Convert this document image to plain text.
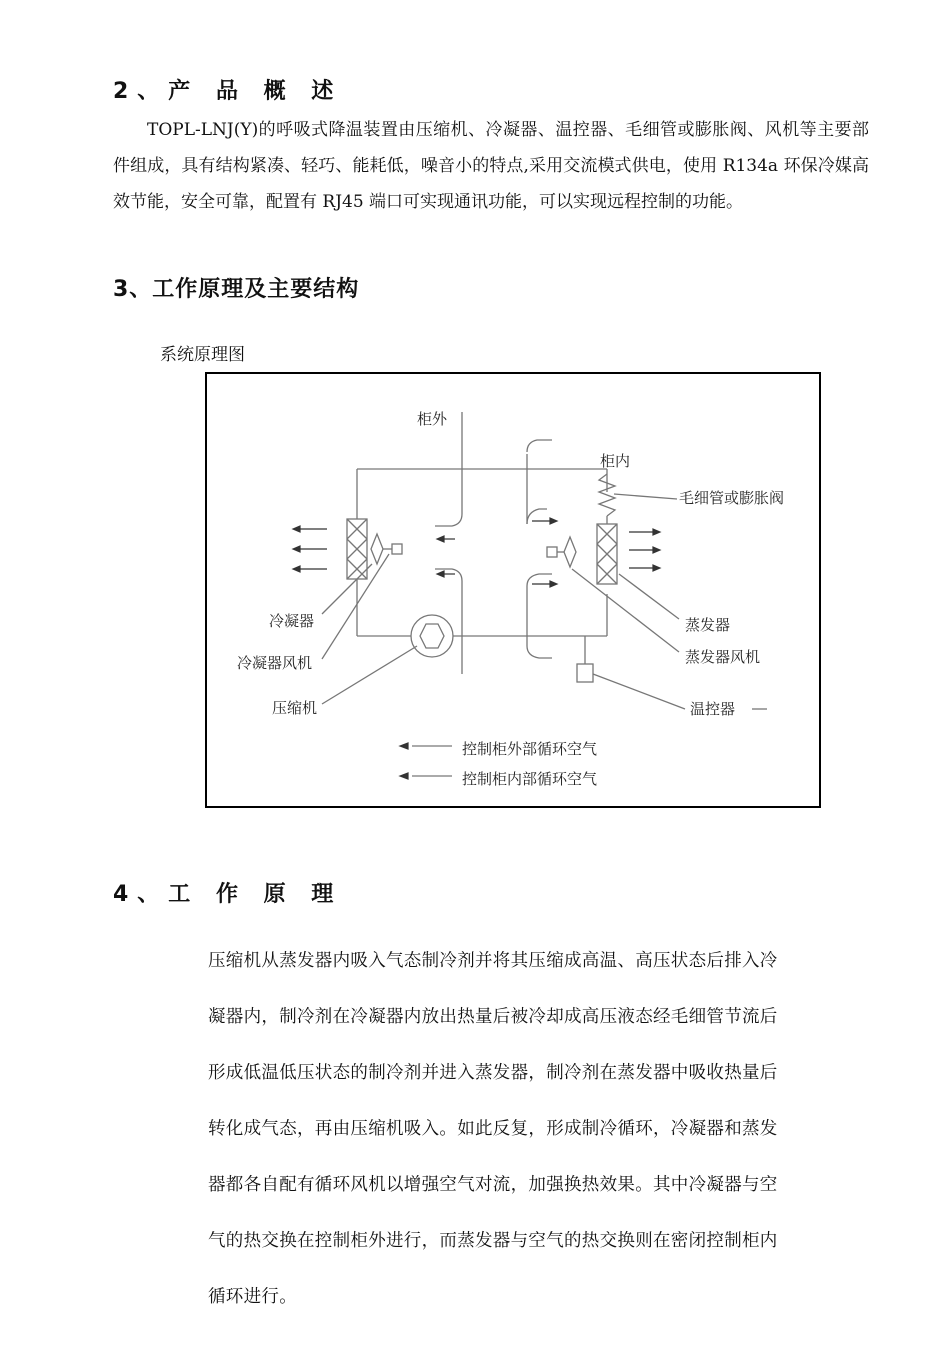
2、产 品 概 述
TOPL-LNJ(Y)的呼吸式降温装置由压缩机、冷凝器、温控器、毛细管或膨胀阀、风机等主要部件组成，具有结构紧凑、轻巧、能耗低，噪音小的特点,采用交流模式供电，使用 R134a 环保冷媒高效节能，安全可靠，配置有 RJ45 端口可实现通讯功能，可以实现远程控制的功能。
3、工作原理及主要结构
系统原理图
柜外
柜内
毛细管或膨胀阀
冷凝器
冷凝器风机
压缩机
蒸发器
蒸发器风机
温控器
控制柜外部循环空气
控制柜内部循环空气
4、工 作 原 理
压缩机从蒸发器内吸入气态制冷剂并将其压缩成高温、高压状态后排入冷
凝器内，制冷剂在冷凝器内放出热量后被冷却成高压液态经毛细管节流后
形成低温低压状态的制冷剂并进入蒸发器，制冷剂在蒸发器中吸收热量后
转化成气态，再由压缩机吸入。如此反复，形成制冷循环，冷凝器和蒸发
器都各自配有循环风机以增强空气对流，加强换热效果。其中冷凝器与空
气的热交换在控制柜外进行，而蒸发器与空气的热交换则在密闭控制柜内
循环进行。
